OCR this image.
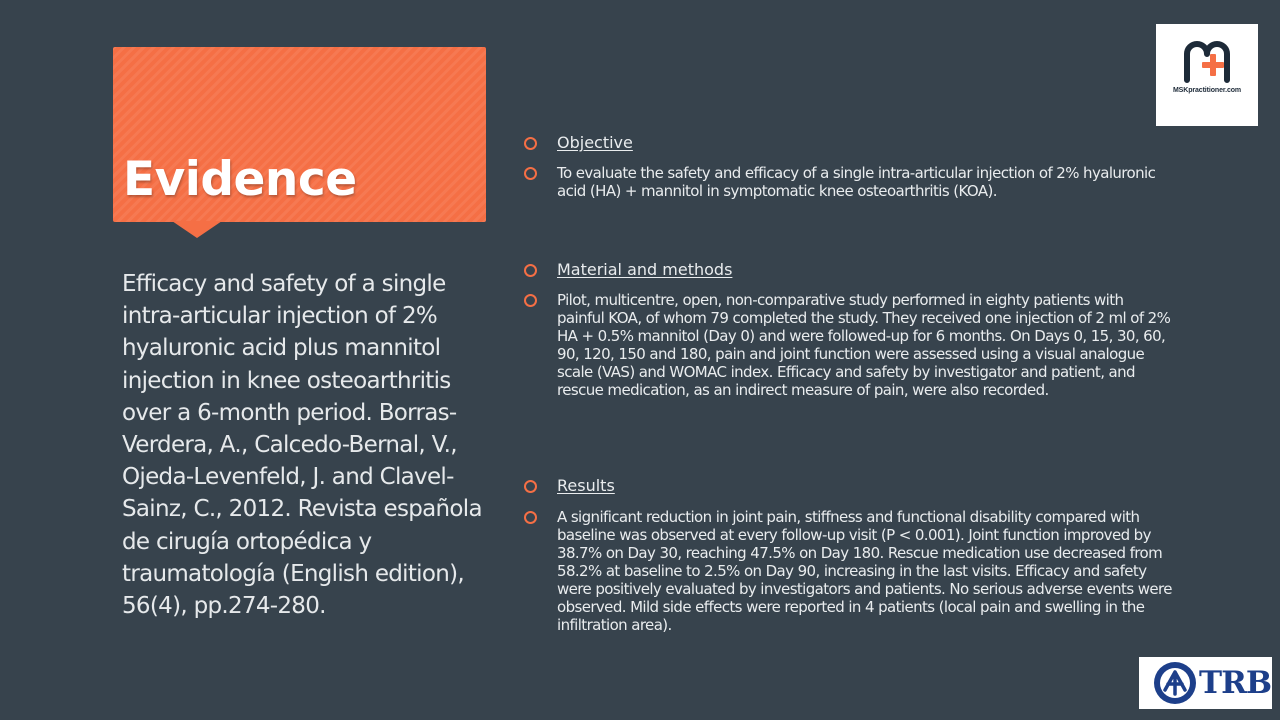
Evidence

Efficacy and safety of a single intra-articular injection of 2% hyaluronic acid plus mannitol injection in knee osteoarthritis over a 6-month period. Borras-Verdera, A., Calcedo-Bernal, V., Ojeda-Levenfeld, J. and Clavel-Sainz, C., 2012. Revista española de cirugía ortopédica y traumatología (English edition), 56(4), pp.274-280.

Objective

To evaluate the safety and efficacy of a single intra-articular injection of 2% hyaluronic acid (HA) + mannitol in symptomatic knee osteoarthritis (KOA).

Material and methods

Pilot, multicentre, open, non-comparative study performed in eighty patients with painful KOA, of whom 79 completed the study. They received one injection of 2 ml of 2% HA + 0.5% mannitol (Day 0) and were followed-up for 6 months. On Days 0, 15, 30, 60, 90, 120, 150 and 180, pain and joint function were assessed using a visual analogue scale (VAS) and WOMAC index. Efficacy and safety by investigator and patient, and rescue medication, as an indirect measure of pain, were also recorded.

Results

A significant reduction in joint pain, stiffness and functional disability compared with baseline was observed at every follow-up visit (P < 0.001). Joint function improved by 38.7% on Day 30, reaching 47.5% on Day 180. Rescue medication use decreased from 58.2% at baseline to 2.5% on Day 90, increasing in the last visits. Efficacy and safety were positively evaluated by investigators and patients. No serious adverse events were observed. Mild side effects were reported in 4 patients (local pain and swelling in the infiltration area).

MSKpractitioner.com
TRB
